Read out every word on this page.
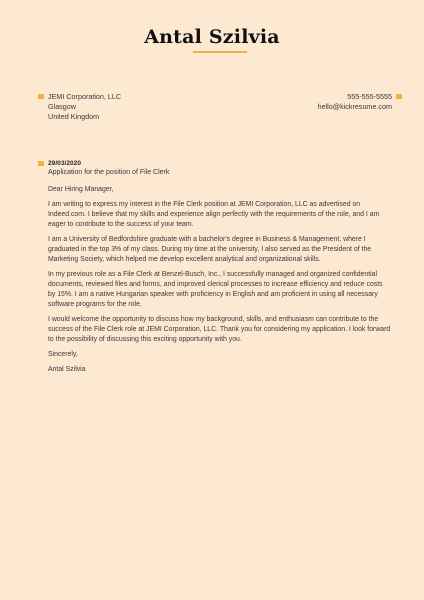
Antal Szilvia
JEMI Corporation, LLC
Glasgow
United Kingdom
555-555-5555
hello@kickresume.com
29/03/2020
Application for the position of File Clerk

Dear Hiring Manager,

I am writing to express my interest in the File Clerk position at JEMI Corporation, LLC as advertised on
Indeed.com. I believe that my skills and experience align perfectly with the requirements of the role, and I am
eager to contribute to the success of your team.

I am a University of Bedfordshire graduate with a bachelor's degree in Business & Management, where I
graduated in the top 3% of my class. During my time at the university, I also served as the President of the
Marketing Society, which helped me develop excellent analytical and organizational skills.

In my previous role as a File Clerk at Benzel-Busch, Inc., I successfully managed and organized confidential
documents, reviewed files and forms, and improved clerical processes to increase efficiency and reduce costs
by 15%. I am a native Hungarian speaker with proficiency in English and am proficient in using all necessary
software programs for the role.

I would welcome the opportunity to discuss how my background, skills, and enthusiasm can contribute to the
success of the File Clerk role at JEMI Corporation, LLC. Thank you for considering my application. I look forward
to the possibility of discussing this exciting opportunity with you.

Sincerely,

Antal Szilvia
